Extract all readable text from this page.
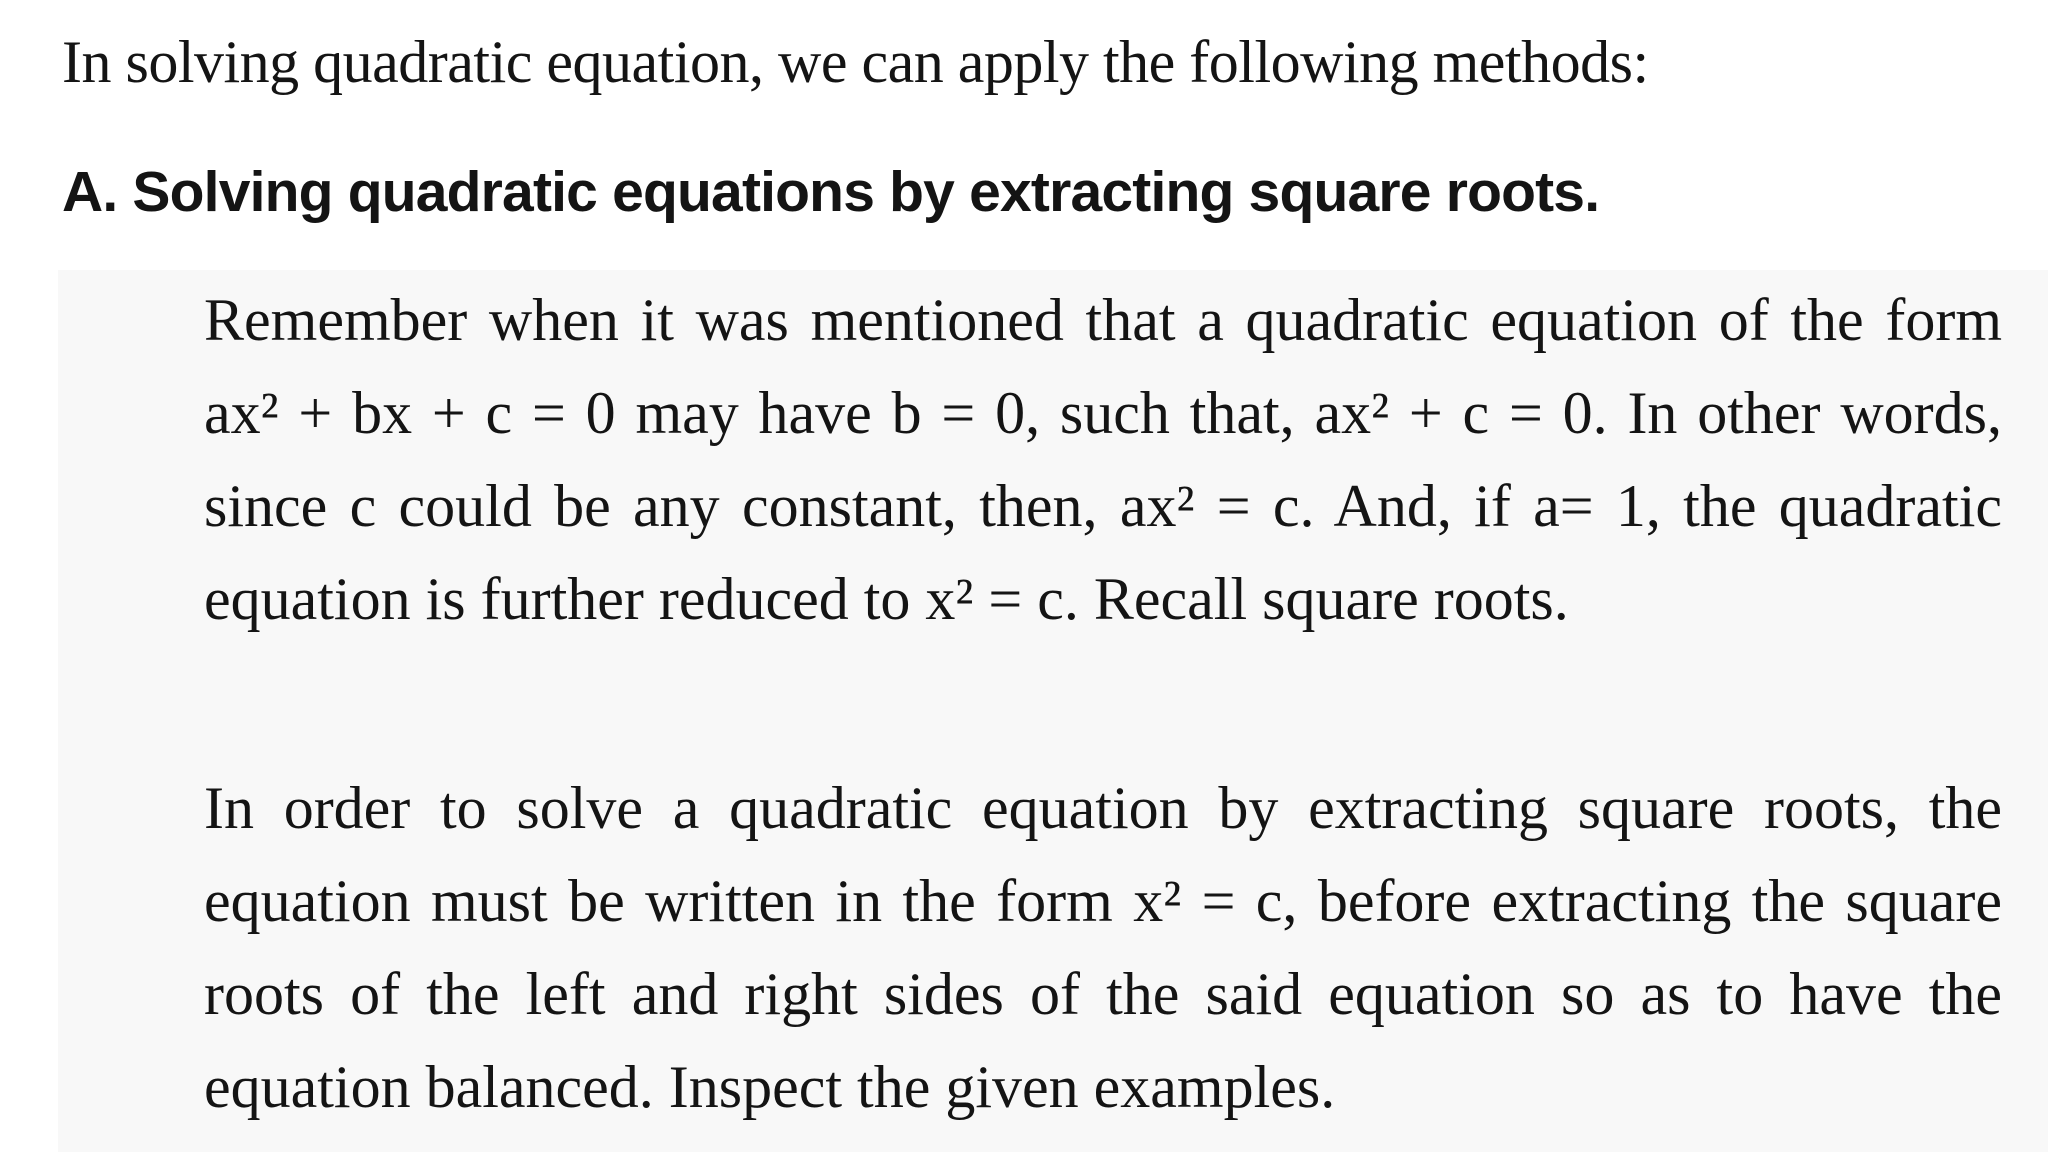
In solving quadratic equation, we can apply the following methods:
A. Solving quadratic equations by extracting square roots.
Remember when it was mentioned that a quadratic equation of the form
ax² + bx + c = 0 may have b = 0, such that, ax² + c = 0. In other words,
since c could be any constant, then, ax² = c. And, if a= 1, the quadratic
equation is further reduced to x² = c. Recall square roots.
In order to solve a quadratic equation by extracting square roots, the
equation must be written in the form x² = c, before extracting the square
roots of the left and right sides of the said equation so as to have the
equation balanced. Inspect the given examples.
